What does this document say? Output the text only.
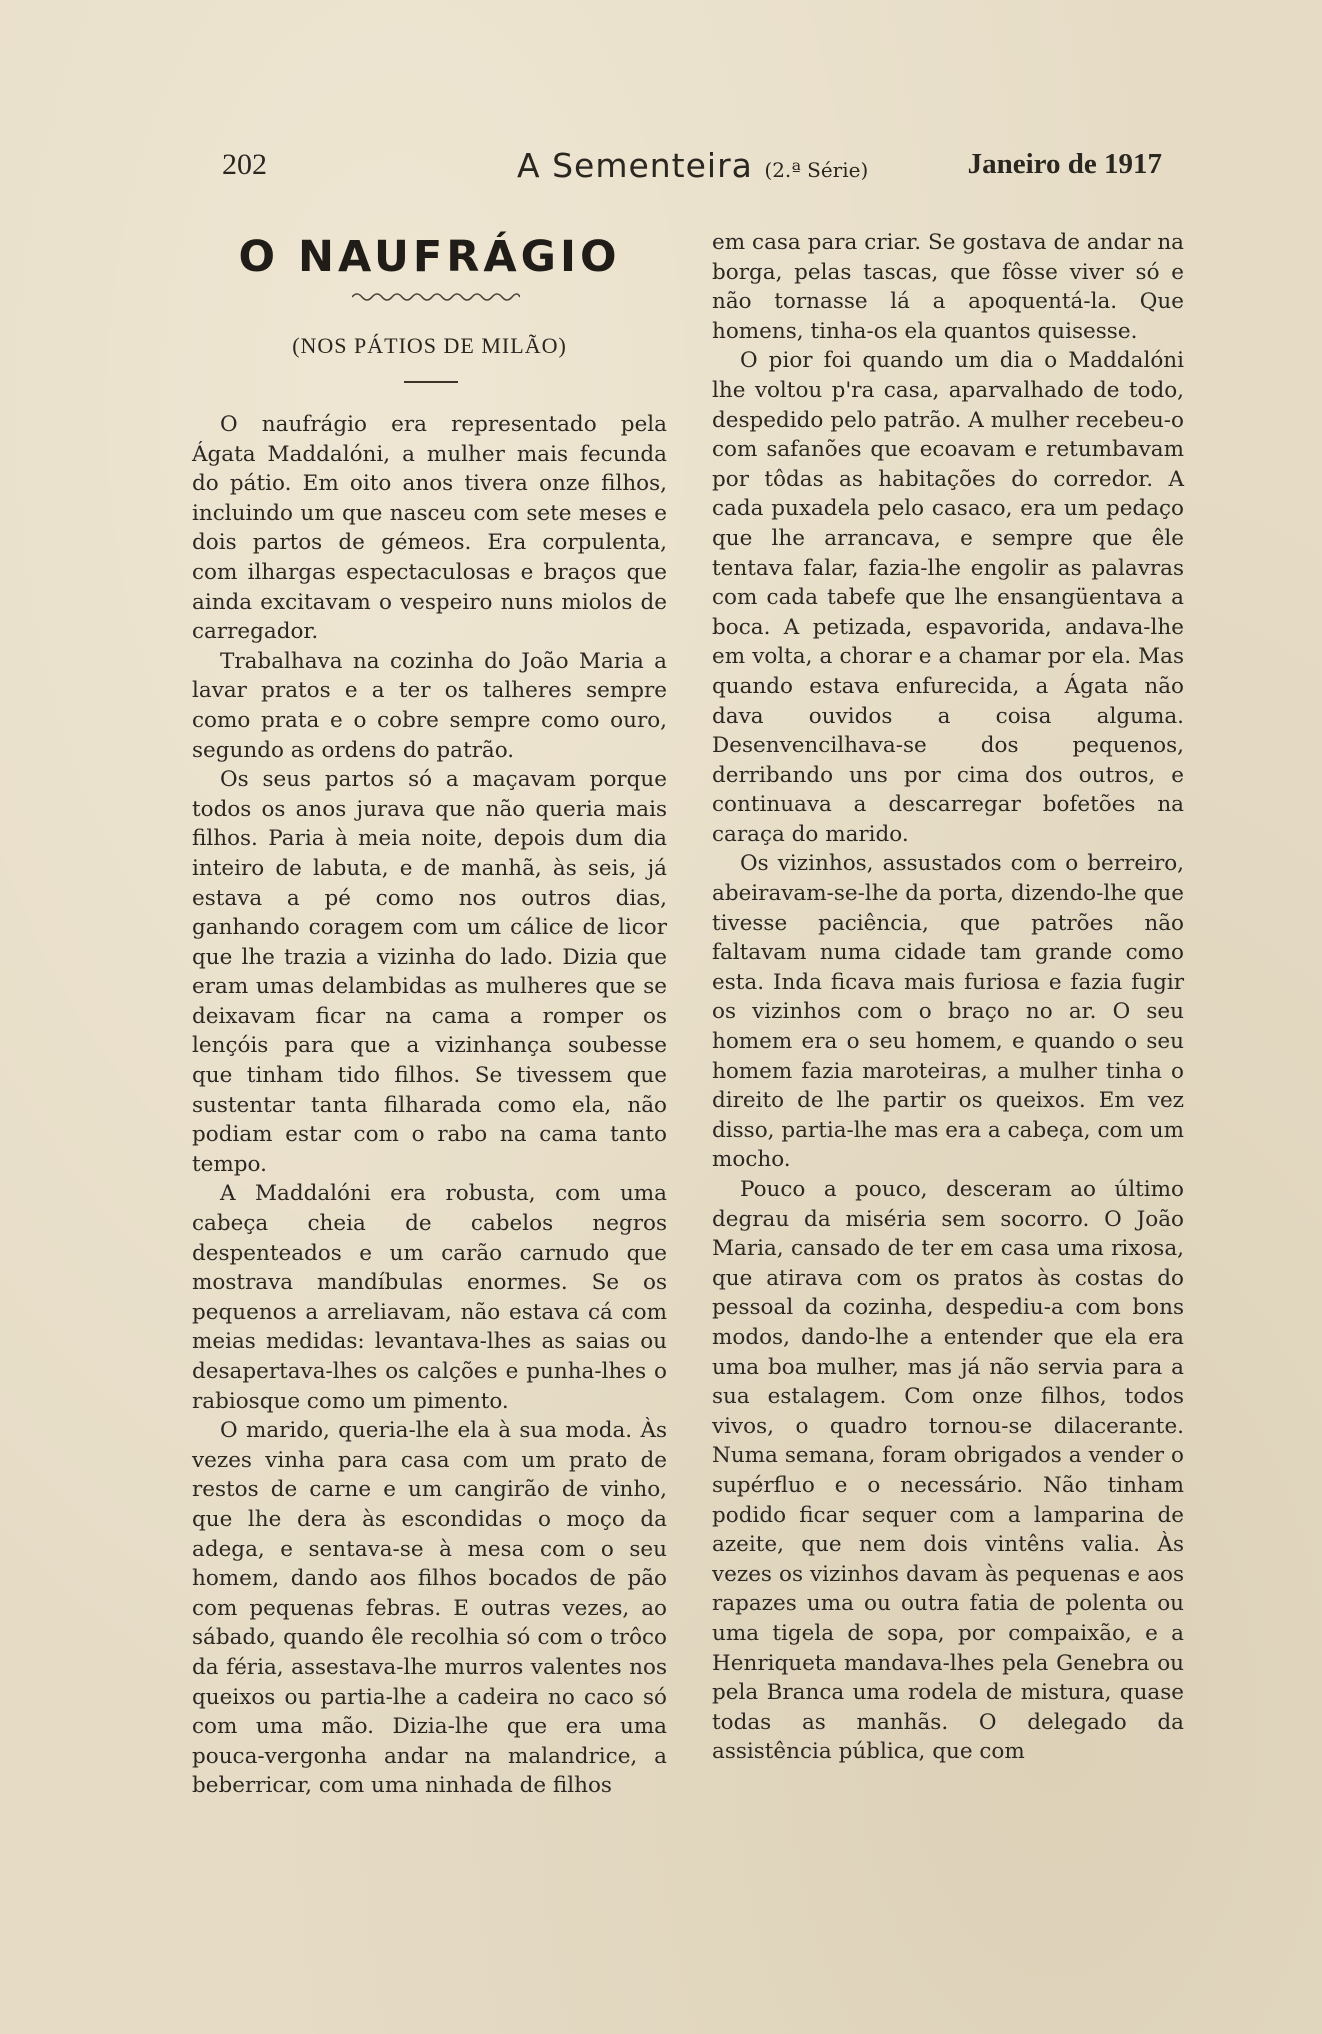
202	A Sementeira (2.ª Série)	Janeiro de 1917
O NAUFRÁGIO
(NOS PÁTIOS DE MILÃO)

O naufrágio era representado pela Ágata Maddalóni, a mulher mais fecunda do pátio. Em oito anos tivera onze filhos, incluindo um que nasceu com sete meses e dois partos de gémeos. Era corpulenta, com ilhargas espectaculosas e braços que ainda excitavam o vespeiro nuns miolos de carregador.

Trabalhava na cozinha do João Maria a lavar pratos e a ter os talheres sempre como prata e o cobre sempre como ouro, segundo as ordens do patrão.

Os seus partos só a maçavam porque todos os anos jurava que não queria mais filhos. Paria à meia noite, depois dum dia inteiro de labuta, e de manhã, às seis, já estava a pé como nos outros dias, ganhando coragem com um cálice de licor que lhe trazia a vizinha do lado. Dizia que eram umas delambidas as mulheres que se deixavam ficar na cama a romper os lençóis para que a vizinhança soubesse que tinham tido filhos. Se tivessem que sustentar tanta filharada como ela, não podiam estar com o rabo na cama tanto tempo.

A Maddalóni era robusta, com uma cabeça cheia de cabelos negros despenteados e um carão carnudo que mostrava mandíbulas enormes. Se os pequenos a arreliavam, não estava cá com meias medidas: levantava-lhes as saias ou desapertava-lhes os calções e punha-lhes o rabiosque como um pimento.

O marido, queria-lhe ela à sua moda. Às vezes vinha para casa com um prato de restos de carne e um cangirão de vinho, que lhe dera às escondidas o moço da adega, e sentava-se à mesa com o seu homem, dando aos filhos bocados de pão com pequenas febras. E outras vezes, ao sábado, quando êle recolhia só com o trôco da féria, assestava-lhe murros valentes nos queixos ou partia-lhe a cadeira no caco só com uma mão. Dizia-lhe que era uma pouca-vergonha andar na malandrice, a beberricar, com uma ninhada de filhos

em casa para criar. Se gostava de andar na borga, pelas tascas, que fôsse viver só e não tornasse lá a apoquentá-la. Que homens, tinha-os ela quantos quisesse.

O pior foi quando um dia o Maddalóni lhe voltou p'ra casa, aparvalhado de todo, despedido pelo patrão. A mulher recebeu-o com safanões que ecoavam e retumbavam por tôdas as habitações do corredor. A cada puxadela pelo casaco, era um pedaço que lhe arrancava, e sempre que êle tentava falar, fazia-lhe engolir as palavras com cada tabefe que lhe ensangüentava a boca. A petizada, espavorida, andava-lhe em volta, a chorar e a chamar por ela. Mas quando estava enfurecida, a Ágata não dava ouvidos a coisa alguma. Desenvencilhava-se dos pequenos, derribando uns por cima dos outros, e continuava a descarregar bofetões na caraça do marido.

Os vizinhos, assustados com o berreiro, abeiravam-se-lhe da porta, dizendo-lhe que tivesse paciência, que patrões não faltavam numa cidade tam grande como esta. Inda ficava mais furiosa e fazia fugir os vizinhos com o braço no ar. O seu homem era o seu homem, e quando o seu homem fazia maroteiras, a mulher tinha o direito de lhe partir os queixos. Em vez disso, partia-lhe mas era a cabeça, com um mocho.

Pouco a pouco, desceram ao último degrau da miséria sem socorro. O João Maria, cansado de ter em casa uma rixosa, que atirava com os pratos às costas do pessoal da cozinha, despediu-a com bons modos, dando-lhe a entender que ela era uma boa mulher, mas já não servia para a sua estalagem. Com onze filhos, todos vivos, o quadro tornou-se dilacerante. Numa semana, foram obrigados a vender o supérfluo e o necessário. Não tinham podido ficar sequer com a lamparina de azeite, que nem dois vintêns valia. Às vezes os vizinhos davam às pequenas e aos rapazes uma ou outra fatia de polenta ou uma tigela de sopa, por compaixão, e a Henriqueta mandava-lhes pela Genebra ou pela Branca uma rodela de mistura, quase todas as manhãs. O delegado da assistência pública, que com
